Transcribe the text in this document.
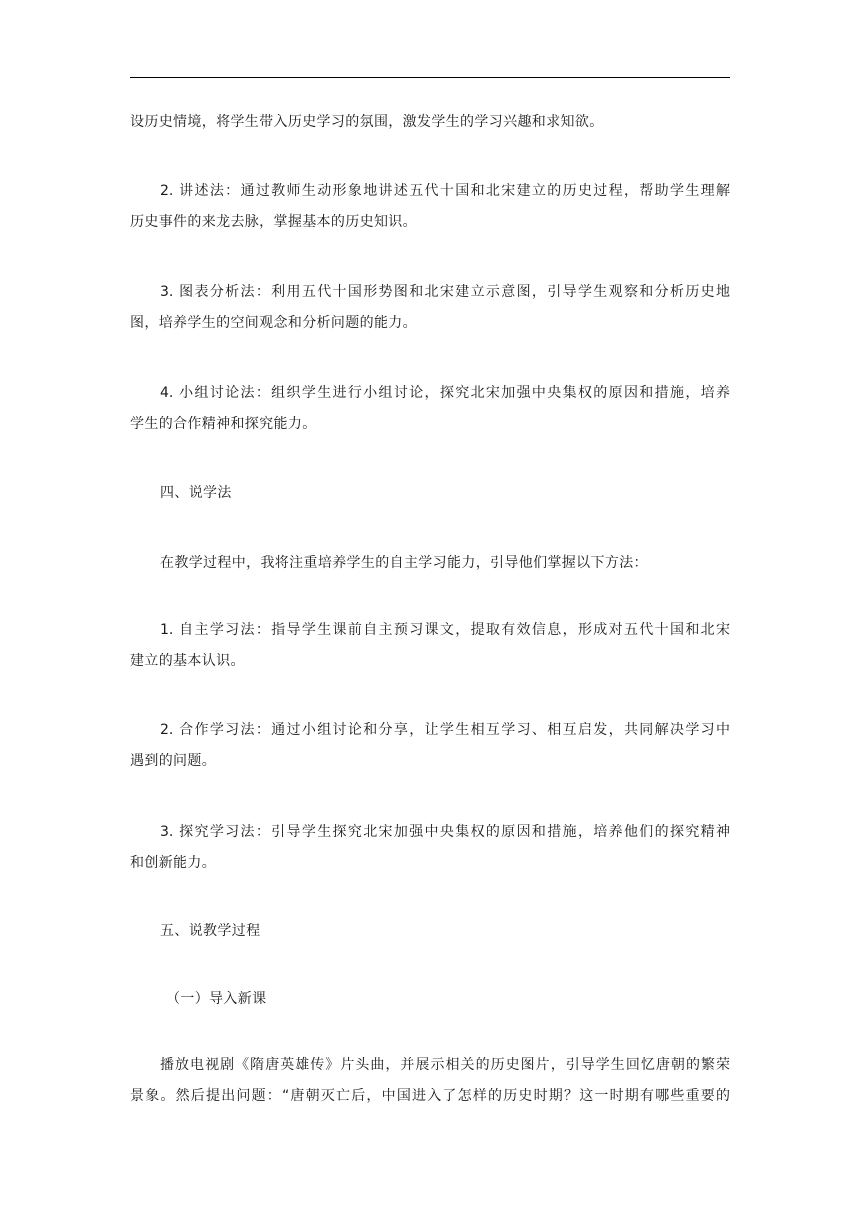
设历史情境，将学生带入历史学习的氛围，激发学生的学习兴趣和求知欲。
2. 讲述法：通过教师生动形象地讲述五代十国和北宋建立的历史过程，帮助学生理解
历史事件的来龙去脉，掌握基本的历史知识。
3. 图表分析法：利用五代十国形势图和北宋建立示意图，引导学生观察和分析历史地
图，培养学生的空间观念和分析问题的能力。
4. 小组讨论法：组织学生进行小组讨论，探究北宋加强中央集权的原因和措施，培养
学生的合作精神和探究能力。
四、说学法
在教学过程中，我将注重培养学生的自主学习能力，引导他们掌握以下方法：
1. 自主学习法：指导学生课前自主预习课文，提取有效信息，形成对五代十国和北宋
建立的基本认识。
2. 合作学习法：通过小组讨论和分享，让学生相互学习、相互启发，共同解决学习中
遇到的问题。
3. 探究学习法：引导学生探究北宋加强中央集权的原因和措施，培养他们的探究精神
和创新能力。
五、说教学过程
（一）导入新课
播放电视剧《隋唐英雄传》片头曲，并展示相关的历史图片，引导学生回忆唐朝的繁荣
景象。然后提出问题：“唐朝灭亡后，中国进入了怎样的历史时期？这一时期有哪些重要的
